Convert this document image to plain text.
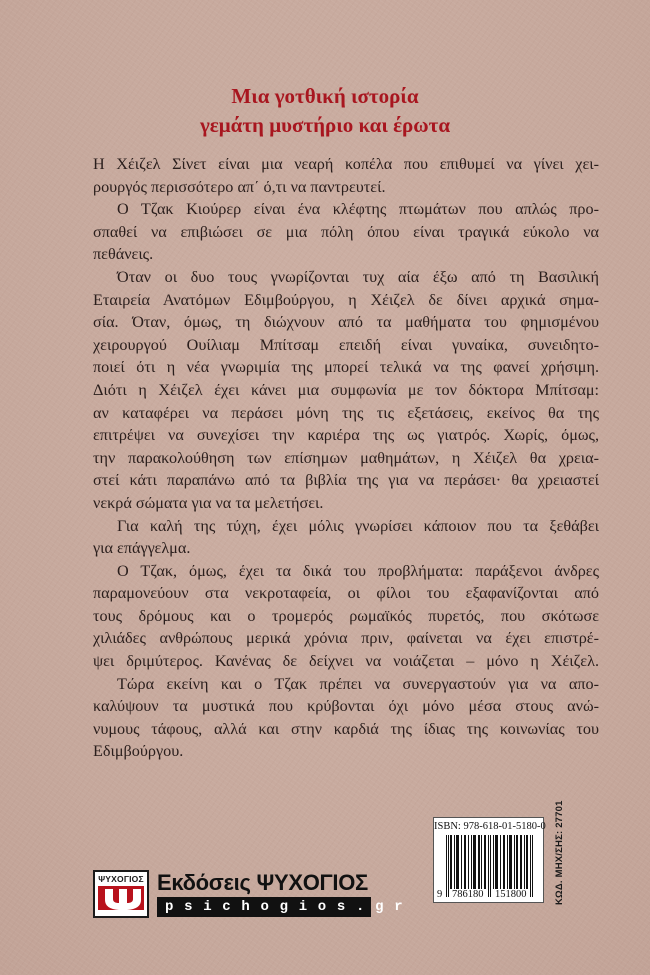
Μια γοτθική ιστορία
γεμάτη μυστήριο και έρωτα

Η Χέιζελ Σίνετ είναι μια νεαρή κοπέλα που επιθυμεί να γίνει χει-
ρουργός περισσότερο απ΄ ό,τι να παντρευτεί.

Ο Τζακ Κιούρερ είναι ένα κλέφτης πτωμάτων που απλώς προ-
σπαθεί να επιβιώσει σε μια πόλη όπου είναι τραγικά εύκολο να
πεθάνεις.

Όταν οι δυο τους γνωρίζονται τυχ αία έξω από τη Βασιλική
Εταιρεία Ανατόμων Εδιμβούργου, η Χέιζελ δε δίνει αρχικά σημα-
σία. Όταν, όμως, τη διώχνουν από τα μαθήματα του φημισμένου
χειρουργού Ουίλιαμ Μπίτσαμ επειδή είναι γυναίκα, συνειδητο-
ποιεί ότι η νέα γνωριμία της μπορεί τελικά να της φανεί χρήσιμη.
Διότι η Χέιζελ έχει κάνει μια συμφωνία με τον δόκτορα Μπίτσαμ:
αν καταφέρει να περάσει μόνη της τις εξετάσεις, εκείνος θα της
επιτρέψει να συνεχίσει την καριέρα της ως γιατρός. Χωρίς, όμως,
την παρακολούθηση των επίσημων μαθημάτων, η Χέιζελ θα χρεια-
στεί κάτι παραπάνω από τα βιβλία της για να περάσει· θα χρειαστεί
νεκρά σώματα για να τα μελετήσει.

Για καλή της τύχη, έχει μόλις γνωρίσει κάποιον που τα ξεθάβει
για επάγγελμα.

Ο Τζακ, όμως, έχει τα δικά του προβλήματα: παράξενοι άνδρες
παραμονεύουν στα νεκροταφεία, οι φίλοι του εξαφανίζονται από
τους δρόμους και ο τρομερός ρωμαϊκός πυρετός, που σκότωσε
χιλιάδες ανθρώπους μερικά χρόνια πριν, φαίνεται να έχει επιστρέ-
ψει δριμύτερος. Κανένας δε δείχνει να νοιάζεται – μόνο η Χέιζελ.

Τώρα εκείνη και ο Τζακ πρέπει να συνεργαστούν για να απο-
καλύψουν τα μυστικά που κρύβονται όχι μόνο μέσα στους ανώ-
νυμους τάφους, αλλά και στην καρδιά της ίδιας της κοινωνίας του
Εδιμβούργου.

ΨΥΧΟΓΙΟΣ Εκδόσεις ΨΥΧΟΓΙΟΣ
psichogios.gr
ISBN: 978-618-01-5180-0
9 786180 151800	ΚΩΔ. ΜΗΧ/ΣΗΣ: 27701
